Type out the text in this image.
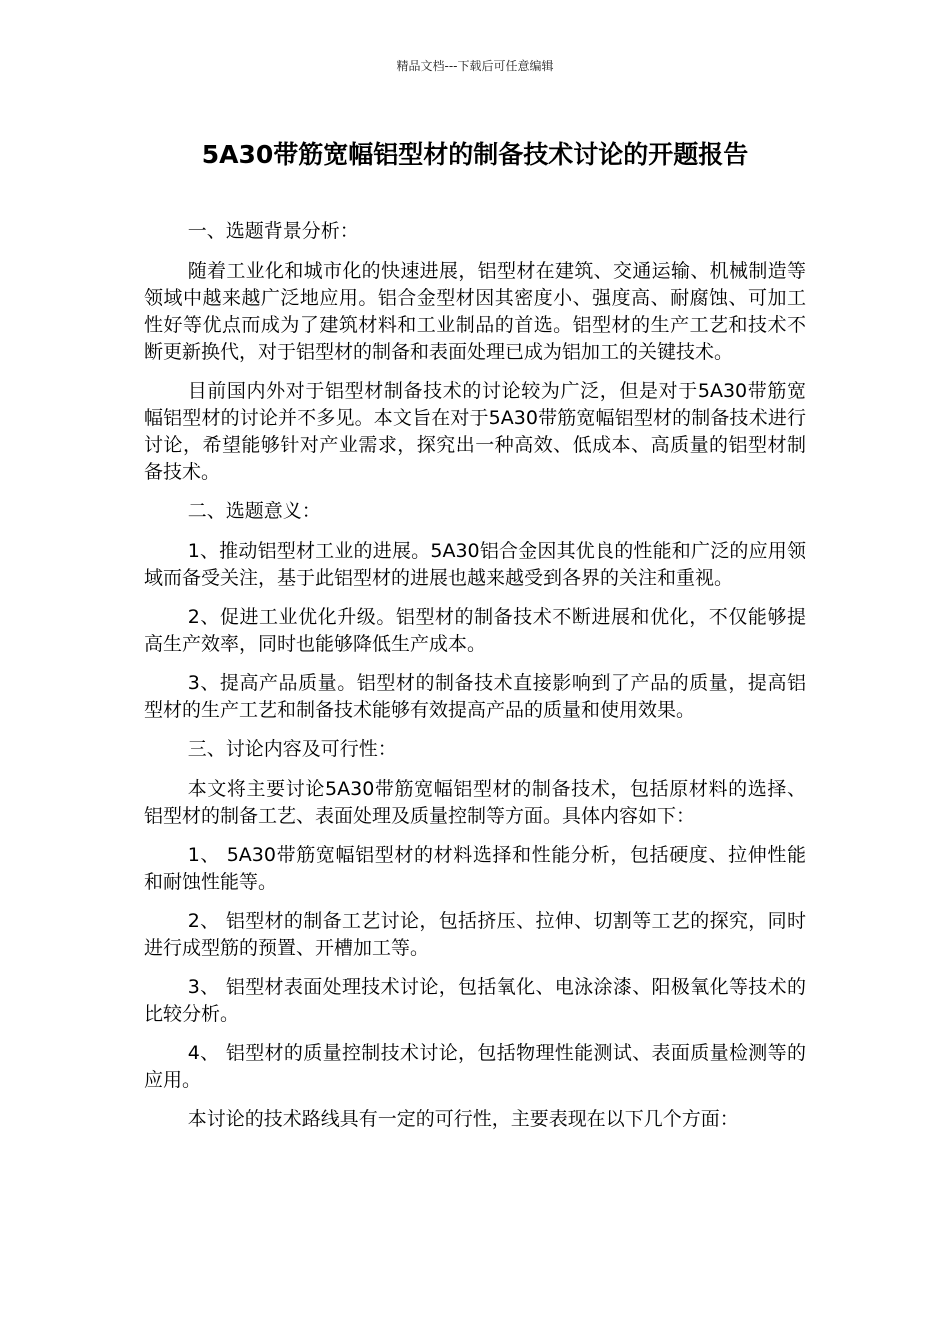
精品文档---下载后可任意编辑
5A30带筋宽幅铝型材的制备技术讨论的开题报告

一、选题背景分析：

随着工业化和城市化的快速进展，铝型材在建筑、交通运输、机械制造等领域中越来越广泛地应用。铝合金型材因其密度小、强度高、耐腐蚀、可加工性好等优点而成为了建筑材料和工业制品的首选。铝型材的生产工艺和技术不断更新换代，对于铝型材的制备和表面处理已成为铝加工的关键技术。

目前国内外对于铝型材制备技术的讨论较为广泛，但是对于5A30带筋宽幅铝型材的讨论并不多见。本文旨在对于5A30带筋宽幅铝型材的制备技术进行讨论，希望能够针对产业需求，探究出一种高效、低成本、高质量的铝型材制备技术。

二、选题意义：

1、推动铝型材工业的进展。5A30铝合金因其优良的性能和广泛的应用领域而备受关注，基于此铝型材的进展也越来越受到各界的关注和重视。

2、促进工业优化升级。铝型材的制备技术不断进展和优化，不仅能够提高生产效率，同时也能够降低生产成本。

3、提高产品质量。铝型材的制备技术直接影响到了产品的质量，提高铝型材的生产工艺和制备技术能够有效提高产品的质量和使用效果。

三、讨论内容及可行性：

本文将主要讨论5A30带筋宽幅铝型材的制备技术，包括原材料的选择、铝型材的制备工艺、表面处理及质量控制等方面。具体内容如下：

1、 5A30带筋宽幅铝型材的材料选择和性能分析，包括硬度、拉伸性能和耐蚀性能等。

2、 铝型材的制备工艺讨论，包括挤压、拉伸、切割等工艺的探究，同时进行成型筋的预置、开槽加工等。

3、 铝型材表面处理技术讨论，包括氧化、电泳涂漆、阳极氧化等技术的比较分析。

4、 铝型材的质量控制技术讨论，包括物理性能测试、表面质量检测等的应用。

本讨论的技术路线具有一定的可行性，主要表现在以下几个方面：
